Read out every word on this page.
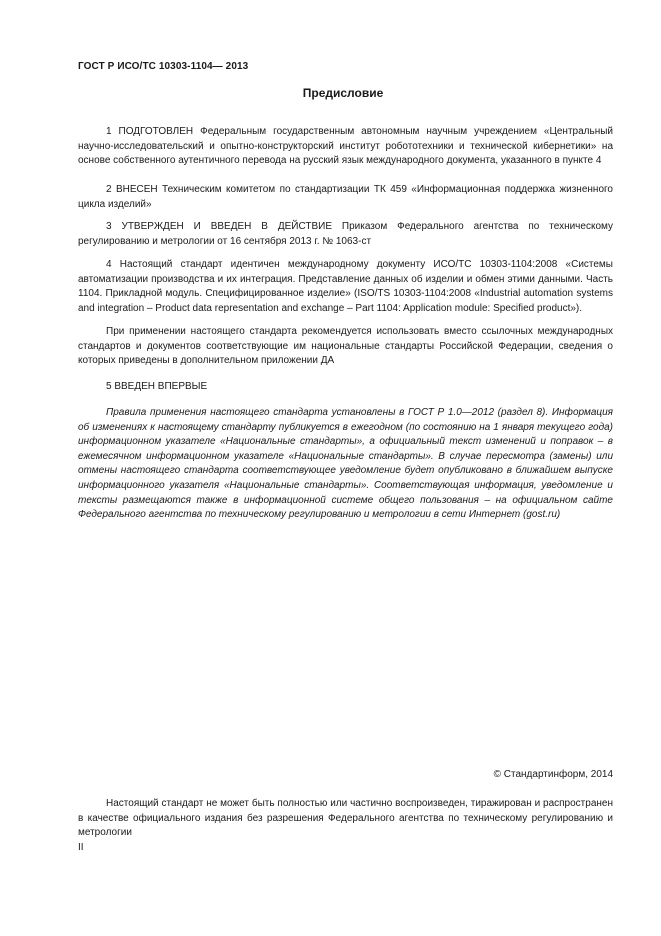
ГОСТ Р ИСО/ТС 10303-1104— 2013
Предисловие

1 ПОДГОТОВЛЕН Федеральным государственным автономным научным учреждением «Центральный научно-исследовательский и опытно-конструкторский институт робототехники и технической кибернетики» на основе собственного аутентичного перевода на русский язык международного документа, указанного в пункте 4

2 ВНЕСЕН Техническим комитетом по стандартизации ТК 459 «Информационная поддержка жизненного цикла изделий»

3 УТВЕРЖДЕН И ВВЕДЕН В ДЕЙСТВИЕ Приказом Федерального агентства по техническому регулированию и метрологии от 16 сентября 2013 г. № 1063-ст

4 Настоящий стандарт идентичен международному документу ИСО/ТС 10303-1104:2008 «Системы автоматизации производства и их интеграция. Представление данных об изделии и обмен этими данными. Часть 1104. Прикладной модуль. Специфицированное изделие» (ISO/TS 10303-1104:2008 «Industrial automation systems and integration – Product data representation and exchange – Part 1104: Application module: Specified product»).

При применении настоящего стандарта рекомендуется использовать вместо ссылочных международных стандартов и документов соответствующие им национальные стандарты Российской Федерации, сведения о которых приведены в дополнительном приложении ДА

5 ВВЕДЕН ВПЕРВЫЕ

Правила применения настоящего стандарта установлены в ГОСТ Р 1.0—2012 (раздел 8). Информация об изменениях к настоящему стандарту публикуется в ежегодном (по состоянию на 1 января текущего года) информационном указателе «Национальные стандарты», а официальный текст изменений и поправок – в ежемесячном информационном указателе «Национальные стандарты». В случае пересмотра (замены) или отмены настоящего стандарта соответствующее уведомление будет опубликовано в ближайшем выпуске информационного указателя «Национальные стандарты». Соответствующая информация, уведомление и тексты размещаются также в информационной системе общего пользования – на официальном сайте Федерального агентства по техническому регулированию и метрологии в сети Интернет (gost.ru)

© Стандартинформ, 2014

Настоящий стандарт не может быть полностью или частично воспроизведен, тиражирован и распространен в качестве официального издания без разрешения Федерального агентства по техническому регулированию и метрологии

II
